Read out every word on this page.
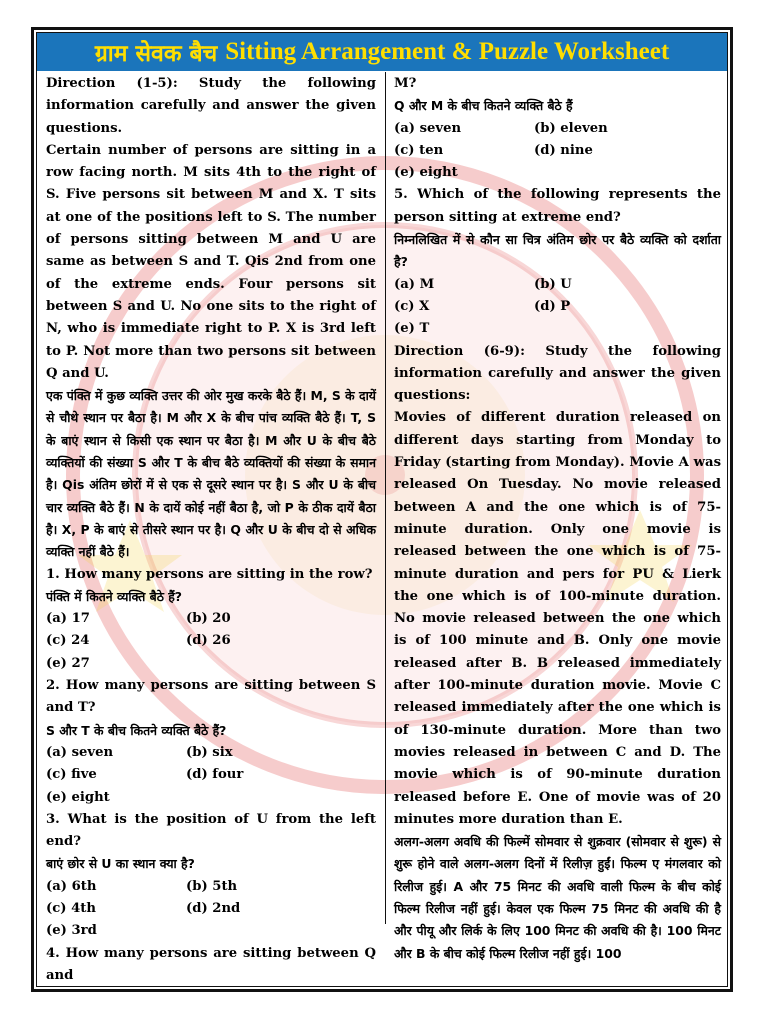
ग्राम सेवक बैच Sitting Arrangement & Puzzle Worksheet

Direction (1-5): Study the following information carefully and answer the given questions.

Certain number of persons are sitting in a row facing north. M sits 4th to the right of S. Five persons sit between M and X. T sits at one of the positions left to S. The number of persons sitting between M and U are same as between S and T. Qis 2nd from one of the extreme ends. Four persons sit between S and U. No one sits to the right of N, who is immediate right to P. X is 3rd left to P. Not more than two persons sit between Q and U.

एक पंक्ति में कुछ व्यक्ति उत्तर की ओर मुख करके बैठे हैं। M, S के दायें से चौथे स्थान पर बैठा है। M और X के बीच पांच व्यक्ति बैठे हैं। T, S के बाएं स्थान से किसी एक स्थान पर बैठा है। M और U के बीच बैठे व्यक्तियों की संख्या S और T के बीच बैठे व्यक्तियों की संख्या के समान है। Qis अंतिम छोरों में से एक से दूसरे स्थान पर है। S और U के बीच चार व्यक्ति बैठे हैं। N के दायें कोई नहीं बैठा है, जो P के ठीक दायें बैठा है। X, P के बाएं से तीसरे स्थान पर है। Q और U के बीच दो से अधिक व्यक्ति नहीं बैठे हैं।

1. How many persons are sitting in the row?

पंक्ति में कितने व्यक्ति बैठे हैं?

(a) 17	(b) 20
(c) 24	(d) 26

(e) 27

2. How many persons are sitting between S and T?

S और T के बीच कितने व्यक्ति बैठे हैं?

(a) seven	(b) six
(c) five	(d) four

(e) eight

3. What is the position of U from the left end?

बाएं छोर से U का स्थान क्या है?

(a) 6th	(b) 5th
(c) 4th	(d) 2nd

(e) 3rd

4. How many persons are sitting between Q and

M?

Q और M के बीच कितने व्यक्ति बैठे हैं

(a) seven	(b) eleven
(c) ten	(d) nine

(e) eight

5. Which of the following represents the person sitting at extreme end?

निम्नलिखित में से कौन सा चित्र अंतिम छोर पर बैठे व्यक्ति को दर्शाता है?

(a) M	(b) U
(c) X	(d) P

(e) T

Direction (6-9): Study the following information carefully and answer the given questions:

Movies of different duration released on different days starting from Monday to Friday (starting from Monday). Movie A was released On Tuesday. No movie released between A and the one which is of 75-minute duration. Only one movie is released between the one which is of 75-minute duration and pers for PU & Lierk the one which is of 100-minute duration. No movie released between the one which is of 100 minute and B. Only one movie released after B. B released immediately after 100-minute duration movie. Movie C released immediately after the one which is of 130-minute duration. More than two movies released in between C and D. The movie which is of 90-minute duration released before E. One of movie was of 20 minutes more duration than E.

अलग-अलग अवधि की फिल्में सोमवार से शुक्रवार (सोमवार से शुरू) से शुरू होने वाले अलग-अलग दिनों में रिलीज़ हुईं। फिल्म ए मंगलवार को रिलीज हुई। A और 75 मिनट की अवधि वाली फिल्म के बीच कोई फिल्म रिलीज नहीं हुई। केवल एक फिल्म 75 मिनट की अवधि की है और पीयू और लिर्क के लिए 100 मिनट की अवधि की है। 100 मिनट और B के बीच कोई फिल्म रिलीज नहीं हुई। 100
